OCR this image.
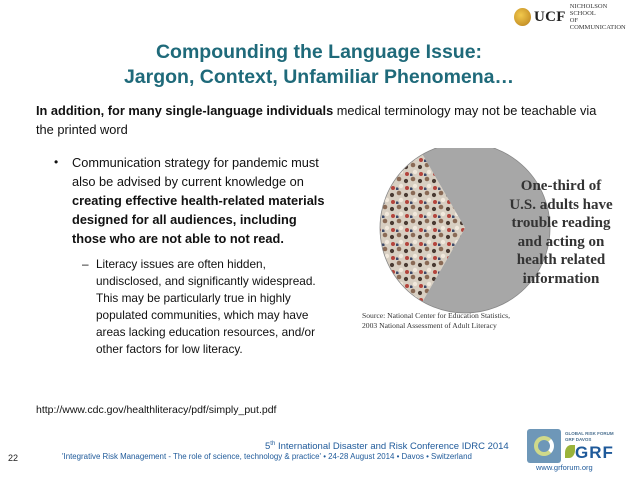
UCF
NICHOLSON SCHOOL
OF COMMUNICATION
Compounding the Language Issue:
Jargon, Context, Unfamiliar Phenomena…
In addition, for many single-language individuals medical terminology may not be teachable via the printed word
•	Communication strategy for pandemic must also be advised by current knowledge on creating effective health-related materials designed for all audiences, including those who are not able to not read.
– Literacy issues are often hidden, undisclosed, and significantly widespread. This may be particularly true in highly populated communities, which may have areas lacking education resources, and/or other factors for low literacy.
http://www.cdc.gov/healthliteracy/pdf/simply_put.pdf
One-third of U.S. adults have trouble reading and acting on health related information
Source: National Center for Education Statistics,
2003 National Assessment of Adult Literacy
22
5th International Disaster and Risk Conference IDRC 2014
'Integrative Risk Management - The role of science, technology & practice' • 24-28 August 2014 • Davos • Switzerland
GLOBAL RISK FORUM
GRF DAVOS
GRF
www.grforum.org
